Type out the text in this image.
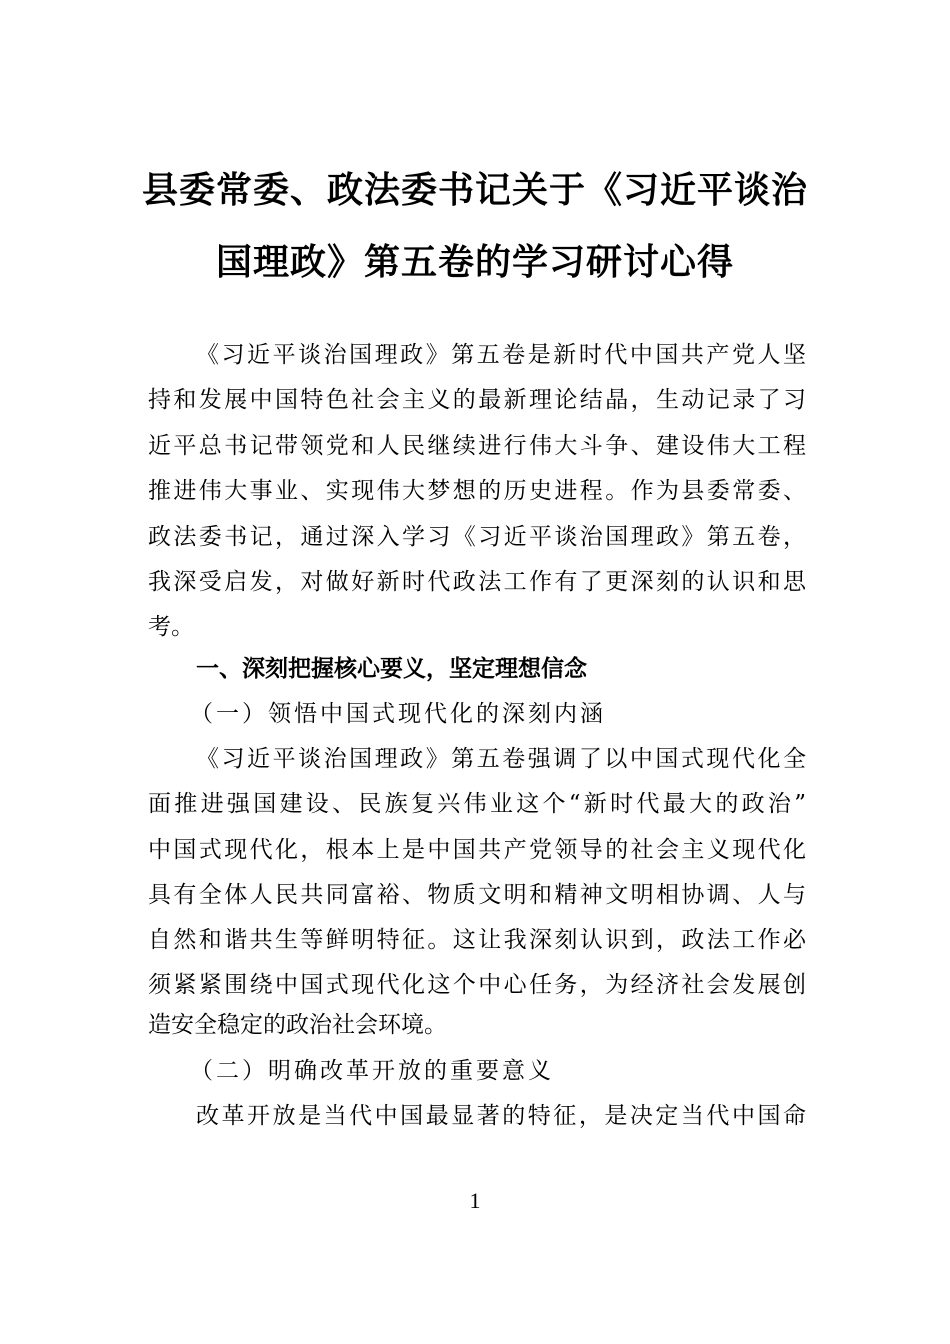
县委常委、政法委书记关于《习近平谈治
国理政》第五卷的学习研讨心得
《习近平谈治国理政》第五卷是新时代中国共产党人坚
持和发展中国特色社会主义的最新理论结晶，生动记录了习
近平总书记带领党和人民继续进行伟大斗争、建设伟大工程
推进伟大事业、实现伟大梦想的历史进程。作为县委常委、
政法委书记，通过深入学习《习近平谈治国理政》第五卷，
我深受启发，对做好新时代政法工作有了更深刻的认识和思
考。
一、深刻把握核心要义，坚定理想信念
（一）领悟中国式现代化的深刻内涵
《习近平谈治国理政》第五卷强调了以中国式现代化全
面推进强国建设、民族复兴伟业这个“新时代最大的政治”
中国式现代化，根本上是中国共产党领导的社会主义现代化
具有全体人民共同富裕、物质文明和精神文明相协调、人与
自然和谐共生等鲜明特征。这让我深刻认识到，政法工作必
须紧紧围绕中国式现代化这个中心任务，为经济社会发展创
造安全稳定的政治社会环境。
（二）明确改革开放的重要意义
改革开放是当代中国最显著的特征，是决定当代中国命
1
